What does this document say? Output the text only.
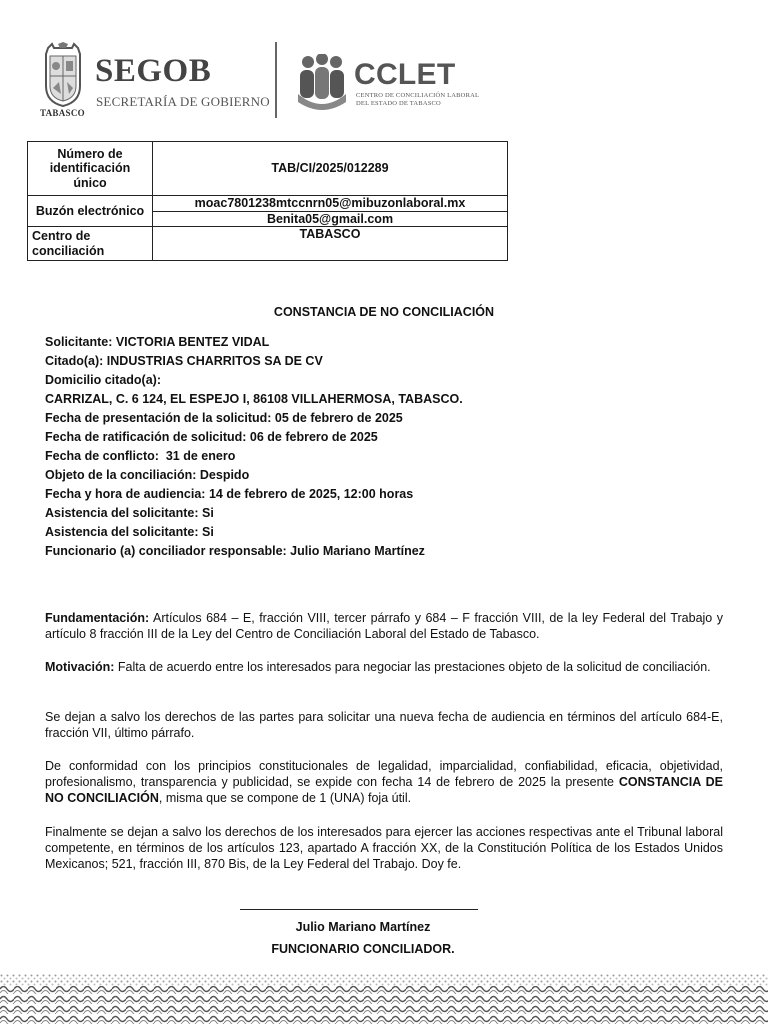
TABASCO
SEGOB
SECRETARÍA DE GOBIERNO
CCLET
CENTRO DE CONCILIACIÓN LABORAL
DEL ESTADO DE TABASCO
Número de identificación único	TAB/CI/2025/012289
Buzón electrónico	moac7801238mtccnrn05@mibuzonlaboral.mx
	Benita05@gmail.com
Centro de conciliación	TABASCO
CONSTANCIA DE NO CONCILIACIÓN
Solicitante: VICTORIA BENTEZ VIDAL
Citado(a): INDUSTRIAS CHARRITOS SA DE CV
Domicilio citado(a):
CARRIZAL, C. 6 124, EL ESPEJO I, 86108 VILLAHERMOSA, TABASCO.
Fecha de presentación de la solicitud: 05 de febrero de 2025
Fecha de ratificación de solicitud: 06 de febrero de 2025
Fecha de conflicto:  31 de enero
Objeto de la conciliación: Despido
Fecha y hora de audiencia: 14 de febrero de 2025, 12:00 horas
Asistencia del solicitante: Si
Asistencia del solicitante: Si
Funcionario (a) conciliador responsable: Julio Mariano Martínez
Fundamentación: Artículos 684 – E, fracción VIII, tercer párrafo y 684 – F fracción VIII, de la ley Federal del Trabajo y artículo 8 fracción III de la Ley del Centro de Conciliación Laboral del Estado de Tabasco.
Motivación: Falta de acuerdo entre los interesados para negociar las prestaciones objeto de la solicitud de conciliación.
Se dejan a salvo los derechos de las partes para solicitar una nueva fecha de audiencia en términos del artículo 684-E, fracción VII, último párrafo.
De conformidad con los principios constitucionales de legalidad, imparcialidad, confiabilidad, eficacia, objetividad, profesionalismo, transparencia y publicidad, se expide con fecha 14 de febrero de 2025 la presente CONSTANCIA DE NO CONCILIACIÓN, misma que se compone de 1 (UNA) foja útil.
Finalmente se dejan a salvo los derechos de los interesados para ejercer las acciones respectivas ante el Tribunal laboral competente, en términos de los artículos 123, apartado A fracción XX, de la Constitución Política de los Estados Unidos Mexicanos; 521, fracción III, 870 Bis, de la Ley Federal del Trabajo. Doy fe.
Julio Mariano Martínez
FUNCIONARIO CONCILIADOR.
